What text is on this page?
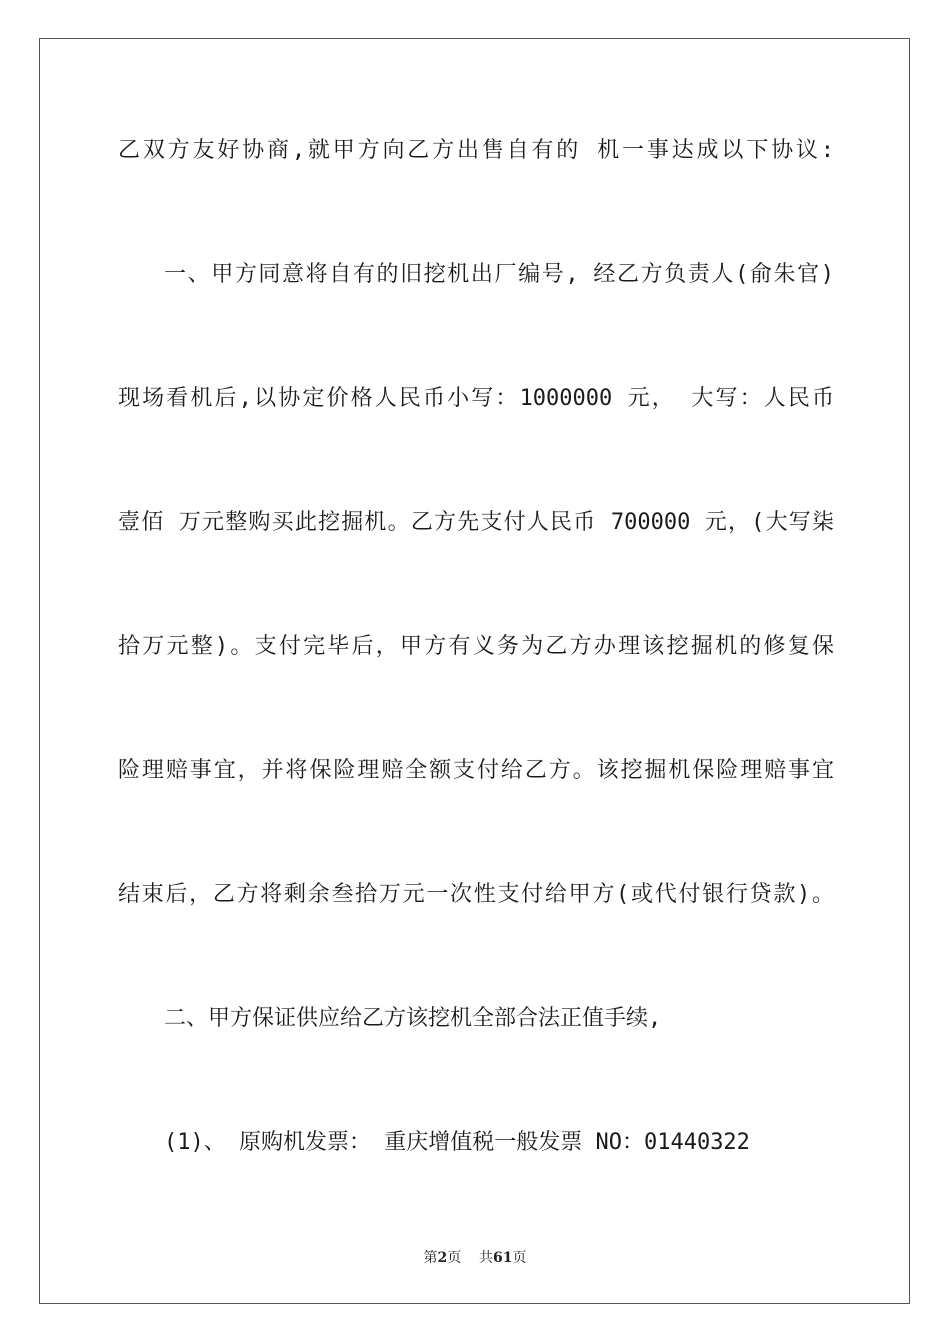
乙双方友好协商,就甲方向乙方出售自有的 机一事达成以下协议:

一、甲方同意将自有的旧挖机出厂编号, 经乙方负责人(俞朱官)

现场看机后,以协定价格人民币小写：1000000 元， 大写：人民币

壹佰 万元整购买此挖掘机。乙方先支付人民币 700000 元，(大写柒

拾万元整)。支付完毕后，甲方有义务为乙方办理该挖掘机的修复保

险理赔事宜，并将保险理赔全额支付给乙方。该挖掘机保险理赔事宜

结束后，乙方将剩余叁拾万元一次性支付给甲方(或代付银行贷款)。

二、甲方保证供应给乙方该挖机全部合法正值手续,

(1)、 原购机发票： 重庆增值税一般发票 NO：01440322

第2页 共61页
